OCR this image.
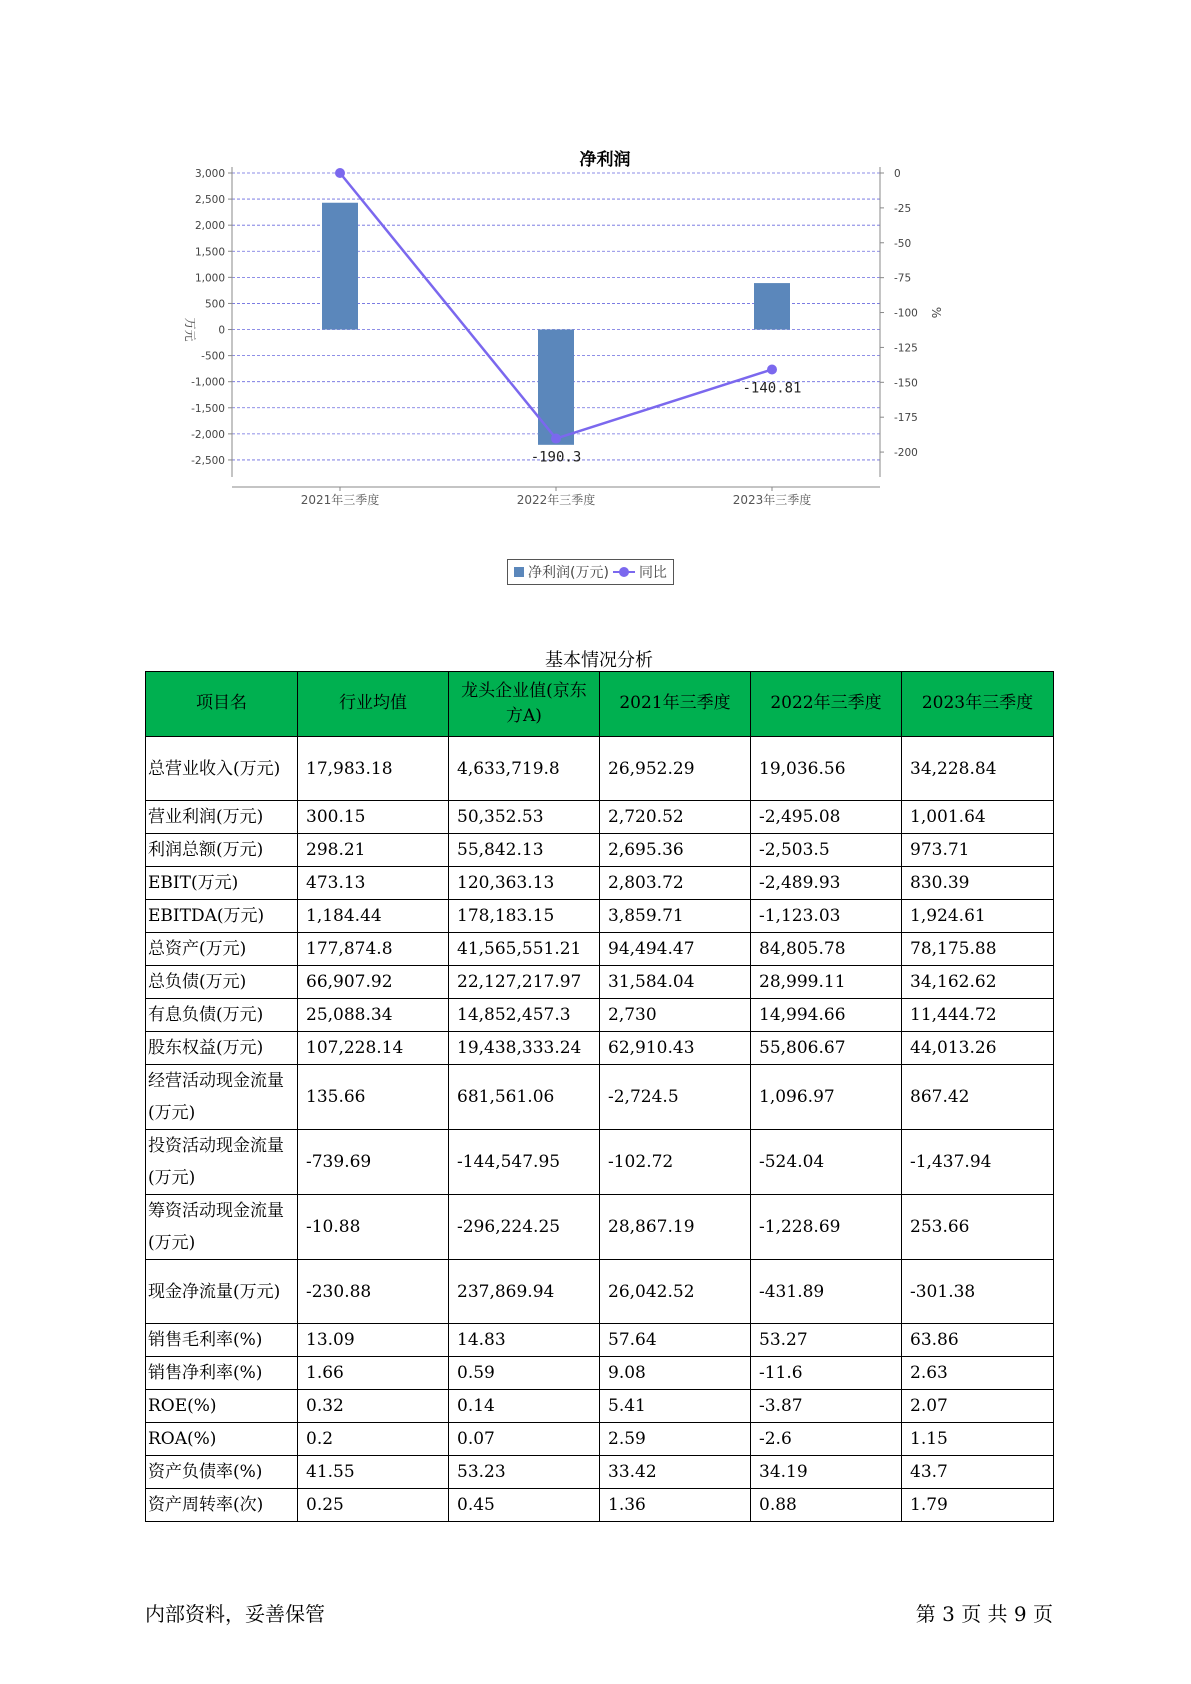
净利润
3,000
2,500
2,000
1,500
1,000
500
0
-500
-1,000
-1,500
-2,000
-2,500
0
-25
-50
-75
-100
-125
-150
-175
-200
万元
%
2021年三季度	2022年三季度	2023年三季度
-190.3
-140.81
净利润(万元) 同比
基本情况分析
项目名	行业均值	龙头企业值(京东方A)	2021年三季度	2022年三季度	2023年三季度
总营业收入(万元)	17,983.18	4,633,719.8	26,952.29	19,036.56	34,228.84
营业利润(万元)	300.15	50,352.53	2,720.52	-2,495.08	1,001.64
利润总额(万元)	298.21	55,842.13	2,695.36	-2,503.5	973.71
EBIT(万元)	473.13	120,363.13	2,803.72	-2,489.93	830.39
EBITDA(万元)	1,184.44	178,183.15	3,859.71	-1,123.03	1,924.61
总资产(万元)	177,874.8	41,565,551.21	94,494.47	84,805.78	78,175.88
总负债(万元)	66,907.92	22,127,217.97	31,584.04	28,999.11	34,162.62
有息负债(万元)	25,088.34	14,852,457.3	2,730	14,994.66	11,444.72
股东权益(万元)	107,228.14	19,438,333.24	62,910.43	55,806.67	44,013.26
经营活动现金流量(万元)	135.66	681,561.06	-2,724.5	1,096.97	867.42
投资活动现金流量(万元)	-739.69	-144,547.95	-102.72	-524.04	-1,437.94
筹资活动现金流量(万元)	-10.88	-296,224.25	28,867.19	-1,228.69	253.66
现金净流量(万元)	-230.88	237,869.94	26,042.52	-431.89	-301.38
销售毛利率(%)	13.09	14.83	57.64	53.27	63.86
销售净利率(%)	1.66	0.59	9.08	-11.6	2.63
ROE(%)	0.32	0.14	5.41	-3.87	2.07
ROA(%)	0.2	0.07	2.59	-2.6	1.15
资产负债率(%)	41.55	53.23	33.42	34.19	43.7
资产周转率(次)	0.25	0.45	1.36	0.88	1.79
内部资料，妥善保管	第 3 页 共 9 页
